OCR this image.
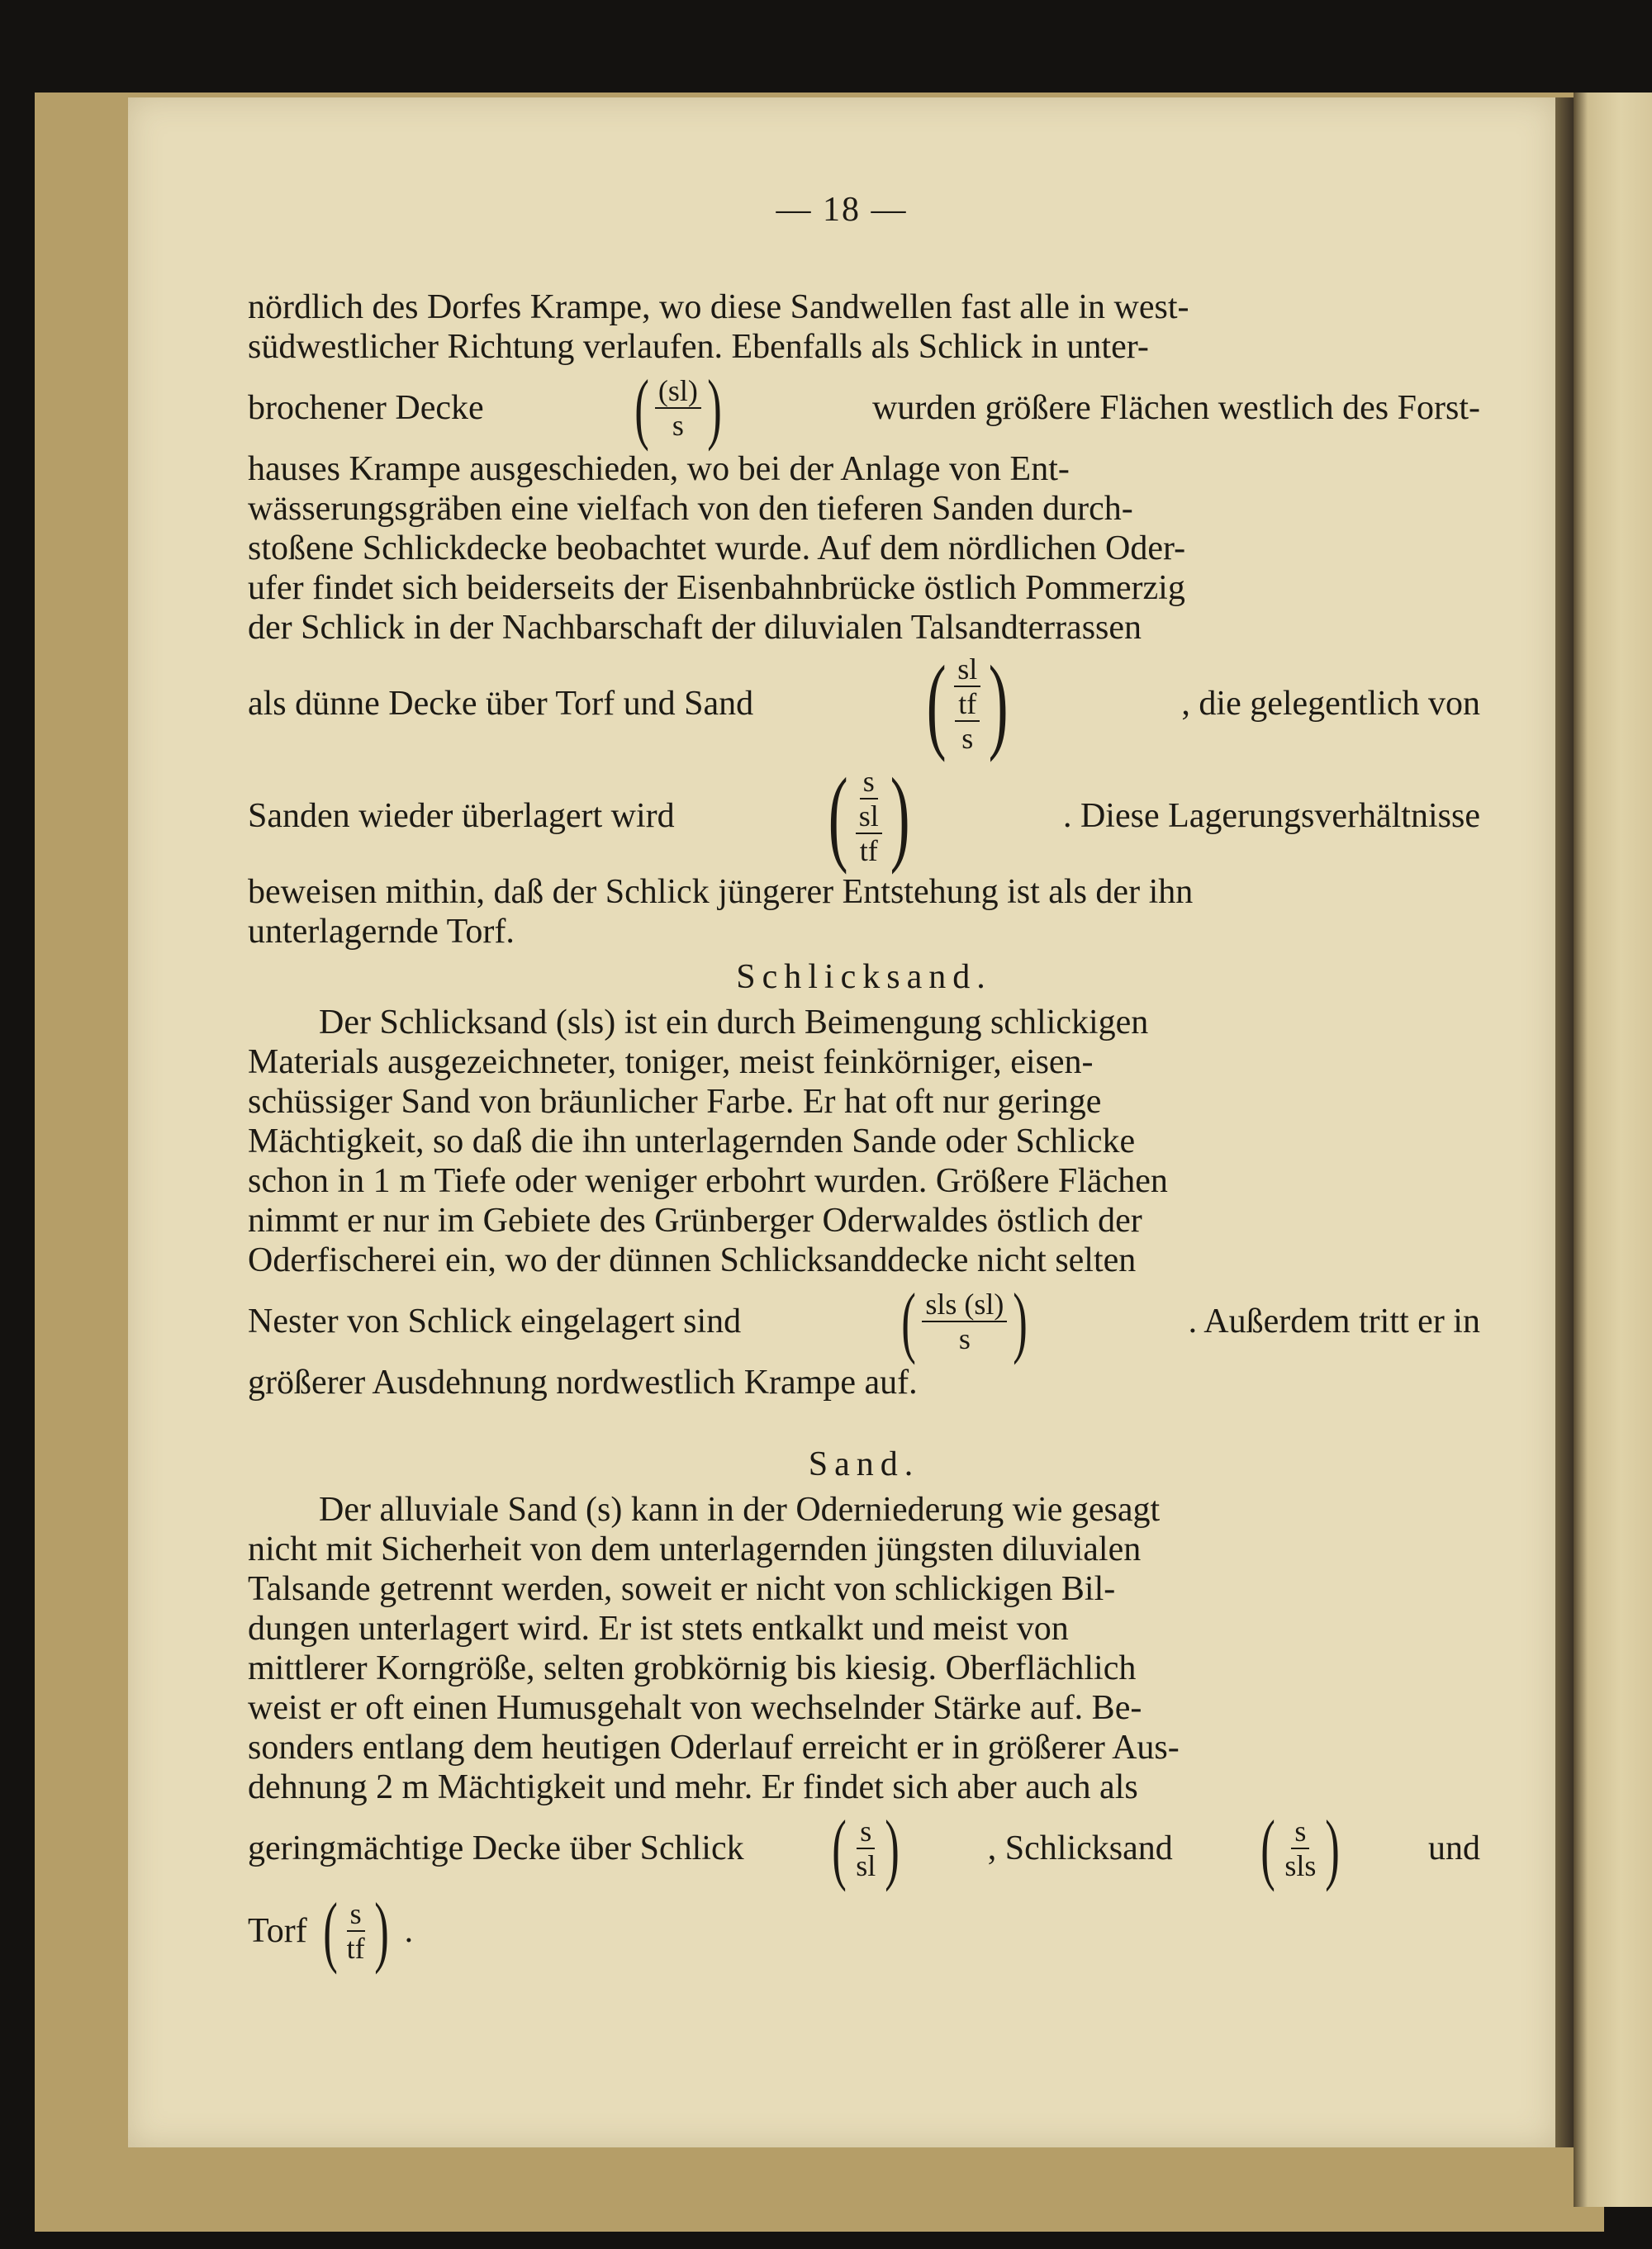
— 18 —
nördlich des Dorfes Krampe, wo diese Sandwellen fast alle in west-
südwestlicher Richtung verlaufen. Ebenfalls als Schlick in unter-
brochener Decke ( $\frac{(sl)}{s}$ )	wurden größere Flächen westlich des Forst-
hauses Krampe ausgeschieden, wo bei der Anlage von Ent-
wässerungsgräben eine vielfach von den tieferen Sanden durch-
stoßene Schlickdecke beobachtet wurde. Auf dem nördlichen Oder-
ufer findet sich beiderseits der Eisenbahnbrücke östlich Pommerzig
der Schlick in der Nachbarschaft der diluvialen Talsandterrassen
als dünne Decke über Torf und Sand ( sl
tf
s )	, die gelegentlich von
Sanden wieder überlagert wird ( s
sl
tf )	. Diese Lagerungsverhältnisse
beweisen mithin, daß der Schlick jüngerer Entstehung ist als der ihn
unterlagernde Torf.
Schlicksand.
Der Schlicksand (sls) ist ein durch Beimengung schlickigen
Materials ausgezeichneter, toniger, meist feinkörniger, eisen-
schüssiger Sand von bräunlicher Farbe. Er hat oft nur geringe
Mächtigkeit, so daß die ihn unterlagernden Sande oder Schlicke
schon in 1 m Tiefe oder weniger erbohrt wurden. Größere Flächen
nimmt er nur im Gebiete des Grünberger Oderwaldes östlich der
Oderfischerei ein, wo der dünnen Schlicksanddecke nicht selten
Nester von Schlick eingelagert sind ( $\frac{\text{sls (sl)}}{s}$ )	. Außerdem tritt er in
größerer Ausdehnung nordwestlich Krampe auf.
Sand.
Der alluviale Sand (s) kann in der Oderniederung wie gesagt
nicht mit Sicherheit von dem unterlagernden jüngsten diluvialen
Talsande getrennt werden, soweit er nicht von schlickigen Bil-
dungen unterlagert wird. Er ist stets entkalkt und meist von
mittlerer Korngröße, selten grobkörnig bis kiesig. Oberflächlich
weist er oft einen Humusgehalt von wechselnder Stärke auf. Be-
sonders entlang dem heutigen Oderlauf erreicht er in größerer Aus-
dehnung 2 m Mächtigkeit und mehr. Er findet sich aber auch als
geringmächtige Decke über Schlick ( $\frac{s}{sl}$ )	, Schlicksand ( $\frac{s}{\text{sls}}$ )	und
Torf ( $\frac{s}{tf}$ ) .
